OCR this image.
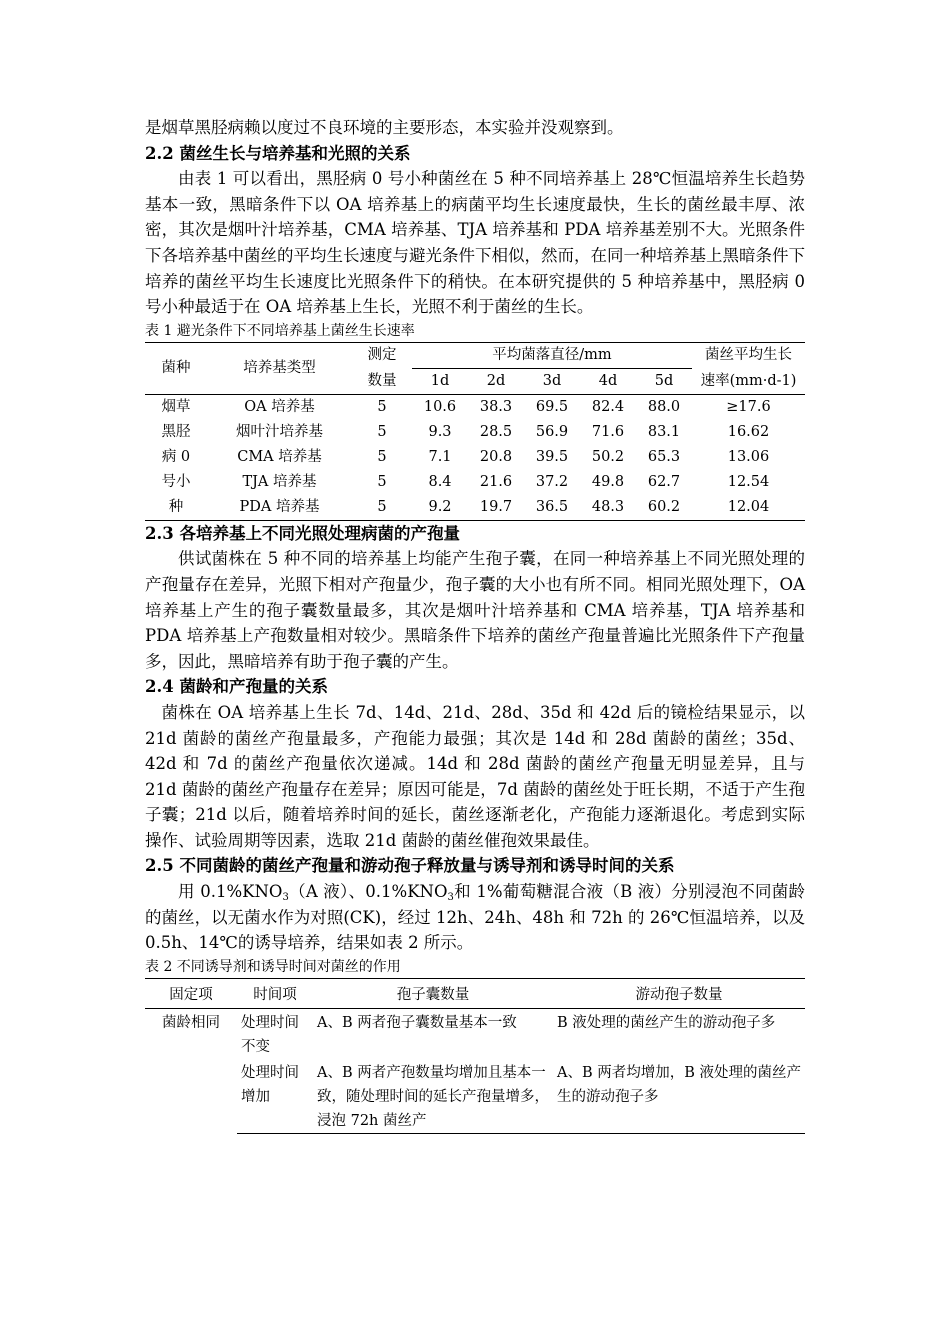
是烟草黑胫病赖以度过不良环境的主要形态，本实验并没观察到。

2.2 菌丝生长与培养基和光照的关系

由表 1 可以看出，黑胫病 0 号小种菌丝在 5 种不同培养基上 28℃恒温培养生长趋势基本一致，黑暗条件下以 OA 培养基上的病菌平均生长速度最快，生长的菌丝最丰厚、浓密，其次是烟叶汁培养基，CMA 培养基、TJA 培养基和 PDA 培养基差别不大。光照条件下各培养基中菌丝的平均生长速度与避光条件下相似，然而，在同一种培养基上黑暗条件下培养的菌丝平均生长速度比光照条件下的稍快。在本研究提供的 5 种培养基中，黑胫病 0 号小种最适于在 OA 培养基上生长，光照不利于菌丝的生长。

表 1 避光条件下不同培养基上菌丝生长速率
菌种	培养基类型	测定	平均菌落直径/mm					菌丝平均生长
		数量	1d	2d	3d	4d	5d	速率(mm·d-1)
烟草	OA 培养基	5	10.6	38.3	69.5	82.4	88.0	≥17.6
黑胫	烟叶汁培养基	5	9.3	28.5	56.9	71.6	83.1	16.62
病 0	CMA 培养基	5	7.1	20.8	39.5	50.2	65.3	13.06
号小	TJA 培养基	5	8.4	21.6	37.2	49.8	62.7	12.54
种	PDA 培养基	5	9.2	19.7	36.5	48.3	60.2	12.04
2.3 各培养基上不同光照处理病菌的产孢量

供试菌株在 5 种不同的培养基上均能产生孢子囊，在同一种培养基上不同光照处理的产孢量存在差异，光照下相对产孢量少，孢子囊的大小也有所不同。相同光照处理下，OA 培养基上产生的孢子囊数量最多，其次是烟叶汁培养基和 CMA 培养基，TJA 培养基和 PDA 培养基上产孢数量相对较少。黑暗条件下培养的菌丝产孢量普遍比光照条件下产孢量多，因此，黑暗培养有助于孢子囊的产生。

2.4 菌龄和产孢量的关系

菌株在 OA 培养基上生长 7d、14d、21d、28d、35d 和 42d 后的镜检结果显示，以 21d 菌龄的菌丝产孢量最多，产孢能力最强；其次是 14d 和 28d 菌龄的菌丝；35d、42d 和 7d 的菌丝产孢量依次递减。14d 和 28d 菌龄的菌丝产孢量无明显差异，且与 21d 菌龄的菌丝产孢量存在差异；原因可能是，7d 菌龄的菌丝处于旺长期，不适于产生孢子囊；21d 以后，随着培养时间的延长，菌丝逐渐老化，产孢能力逐渐退化。考虑到实际操作、试验周期等因素，选取 21d 菌龄的菌丝催孢效果最佳。

2.5 不同菌龄的菌丝产孢量和游动孢子释放量与诱导剂和诱导时间的关系

用 $0.1\%KNO_3(A$ 液）、$0.1\%KNO_3$和 1%葡萄糖混合液（B 液）分别浸泡不同菌龄的菌丝，以无菌水作为对照(CK)，经过 12h、24h、48h 和 72h 的 26℃恒温培养，以及 0.5h、14℃的诱导培养，结果如表 2 所示。

表 2 不同诱导剂和诱导时间对菌丝的作用
固定项	时间项	孢子囊数量	游动孢子数量
菌龄相同	处理时间不变	A、B 两者孢子囊数量基本一致	B 液处理的菌丝产生的游动孢子多
	处理时间增加	A、B 两者产孢数量均增加且基本一致，随处理时间的延长产孢量增多，浸泡 72h 菌丝产	A、B 两者均增加，B 液处理的菌丝产生的游动孢子多
